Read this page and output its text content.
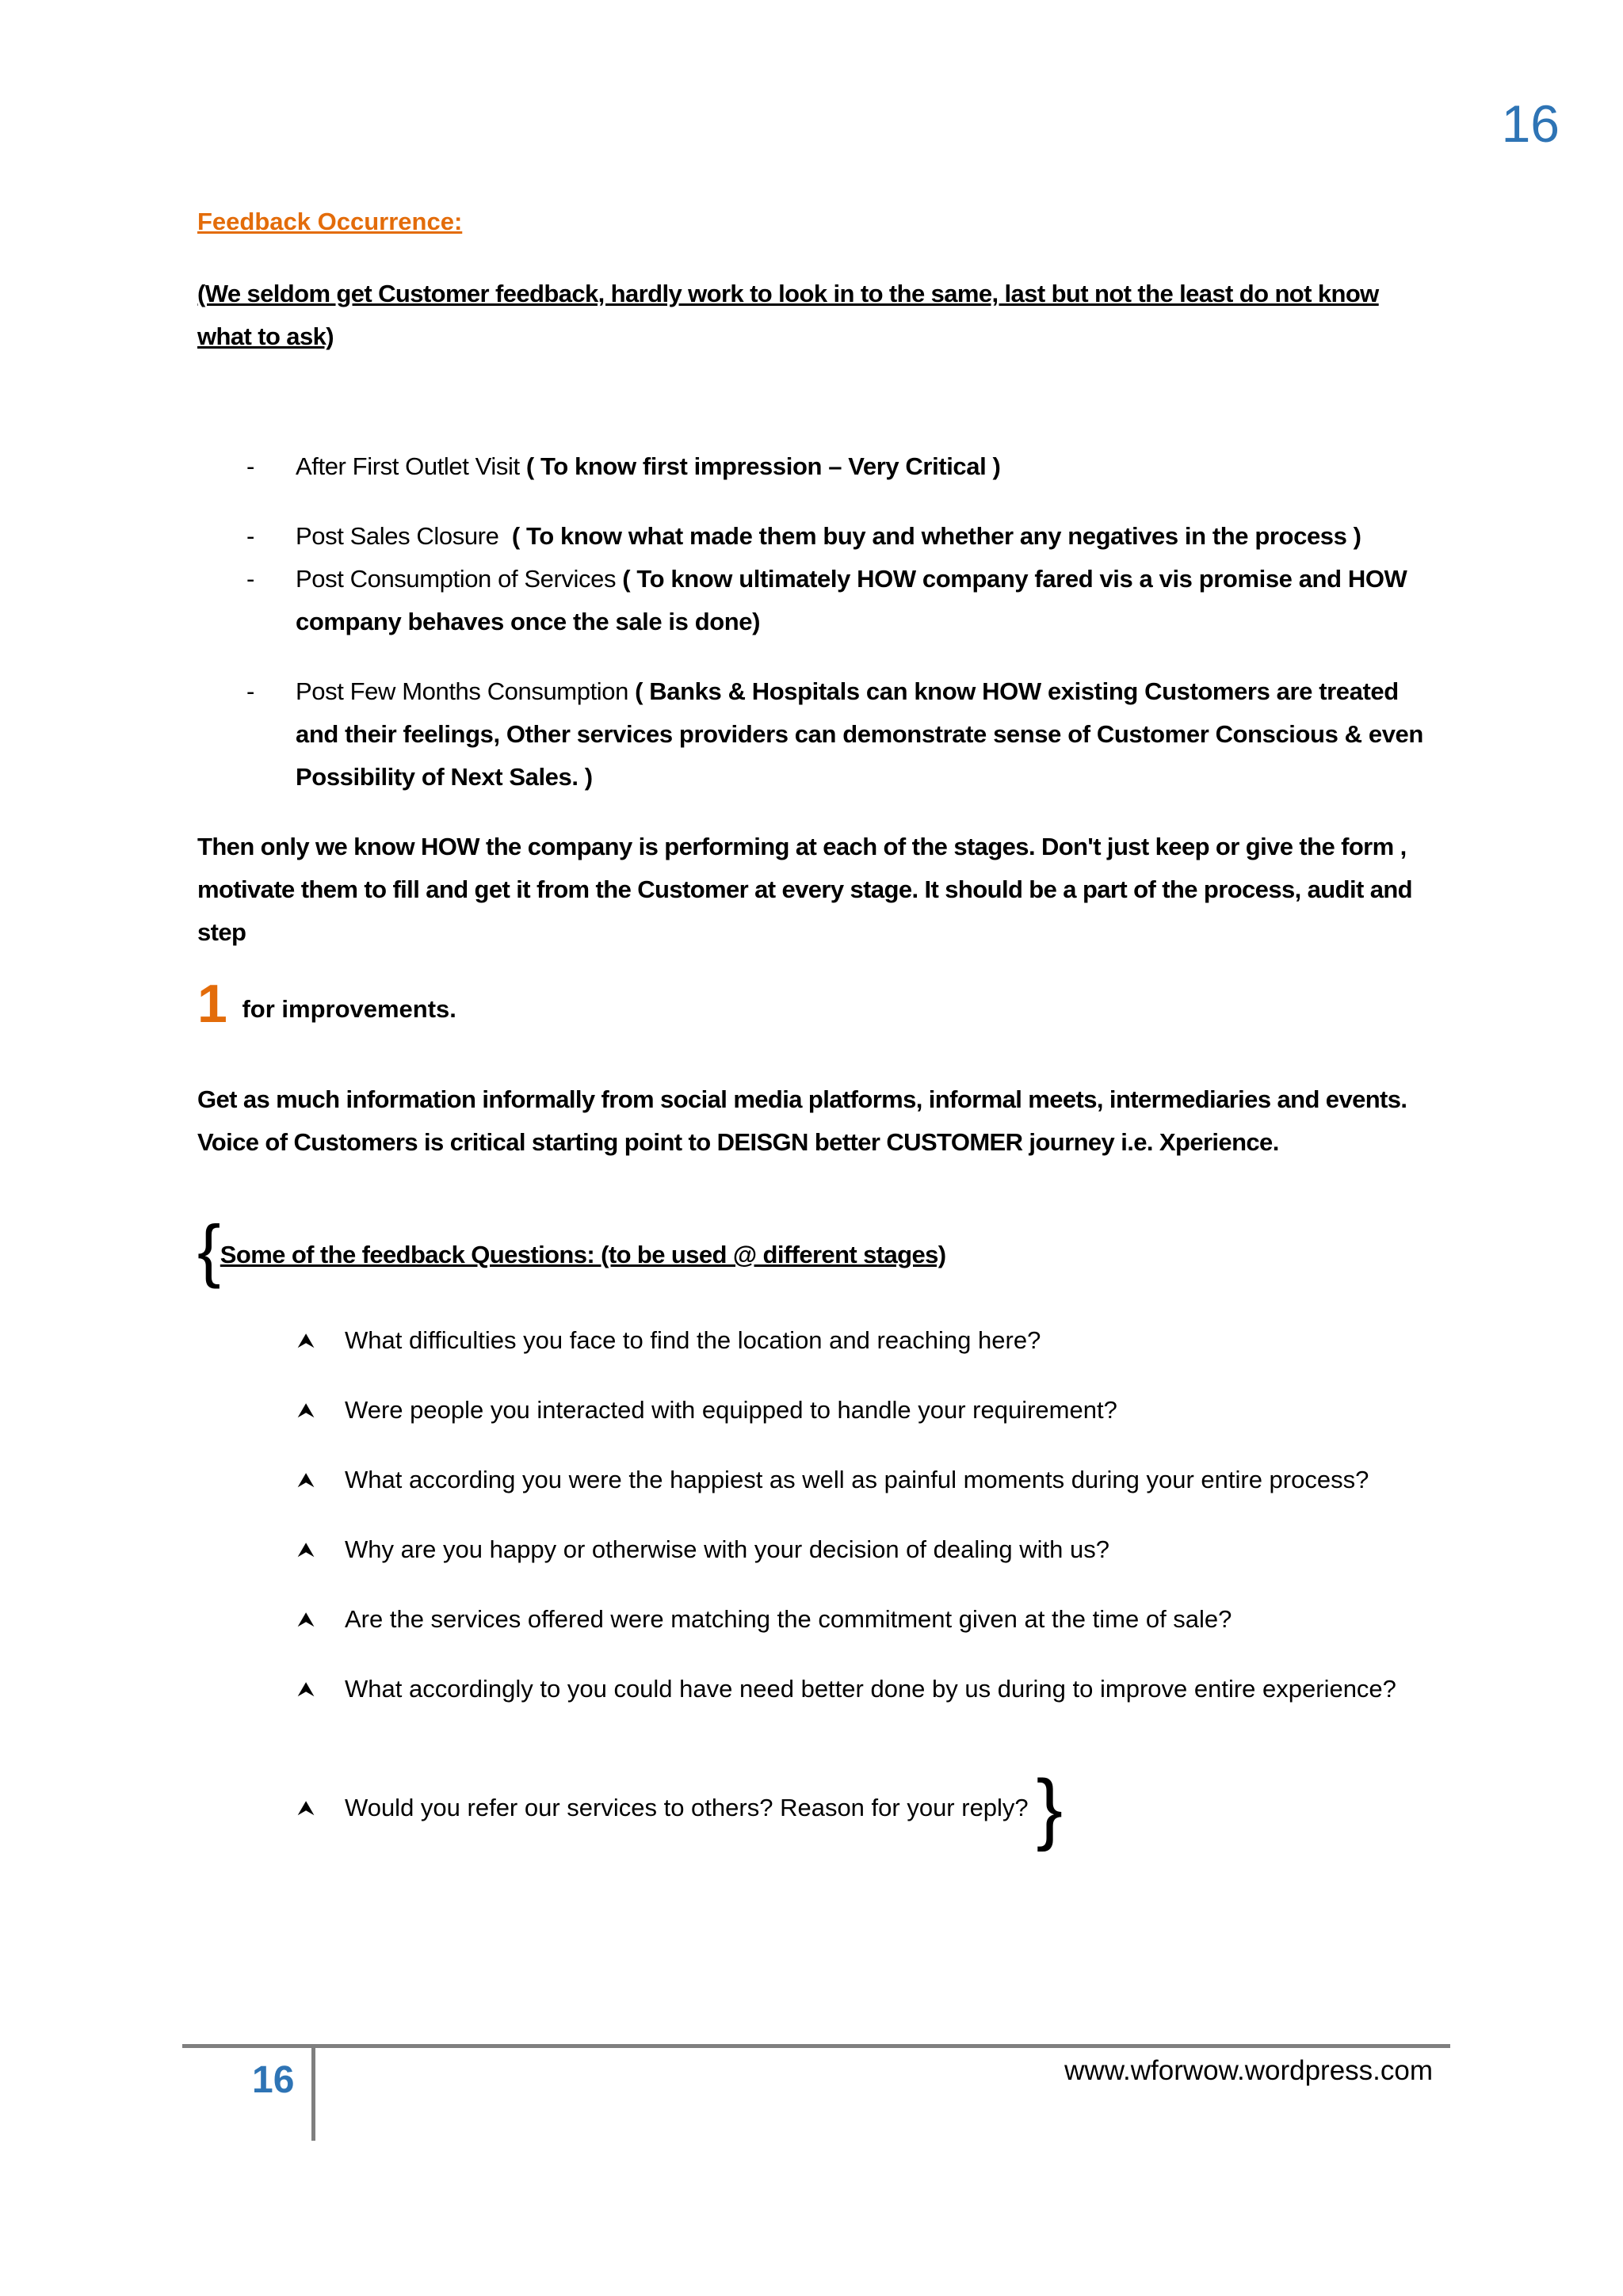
16
Feedback Occurrence:
(We seldom get Customer feedback, hardly work to look in to the same, last but not the least do not know what to ask)
- After First Outlet Visit ( To know first impression – Very Critical )
- Post Sales Closure ( To know what made them buy and whether any negatives in the process )
- Post Consumption of Services ( To know ultimately HOW company fared vis a vis promise and HOW company behaves once the sale is done)
- Post Few Months Consumption ( Banks & Hospitals can know HOW existing Customers are treated and their feelings, Other services providers can demonstrate sense of Customer Conscious & even Possibility of Next Sales. )
Then only we know HOW the company is performing at each of the stages. Don't just keep or give the form , motivate them to fill and get it from the Customer at every stage. It should be a part of the process, audit and step
1 for improvements.
Get as much information informally from social media platforms, informal meets, intermediaries and events.
Voice of Customers is critical starting point to DEISGN better CUSTOMER journey i.e. Xperience.
{Some of the feedback Questions: (to be used @ different stages)
⮝ What difficulties you face to find the location and reaching here?
⮝ Were people you interacted with equipped to handle your requirement?
⮝ What according you were the happiest as well as painful moments during your entire process?
⮝ Why are you happy or otherwise with your decision of dealing with us?
⮝ Are the services offered were matching the commitment given at the time of sale?
⮝ What accordingly to you could have need better done by us during to improve entire experience?
⮝ Would you refer our services to others? Reason for your reply? }
16	www.wforwow.wordpress.com
